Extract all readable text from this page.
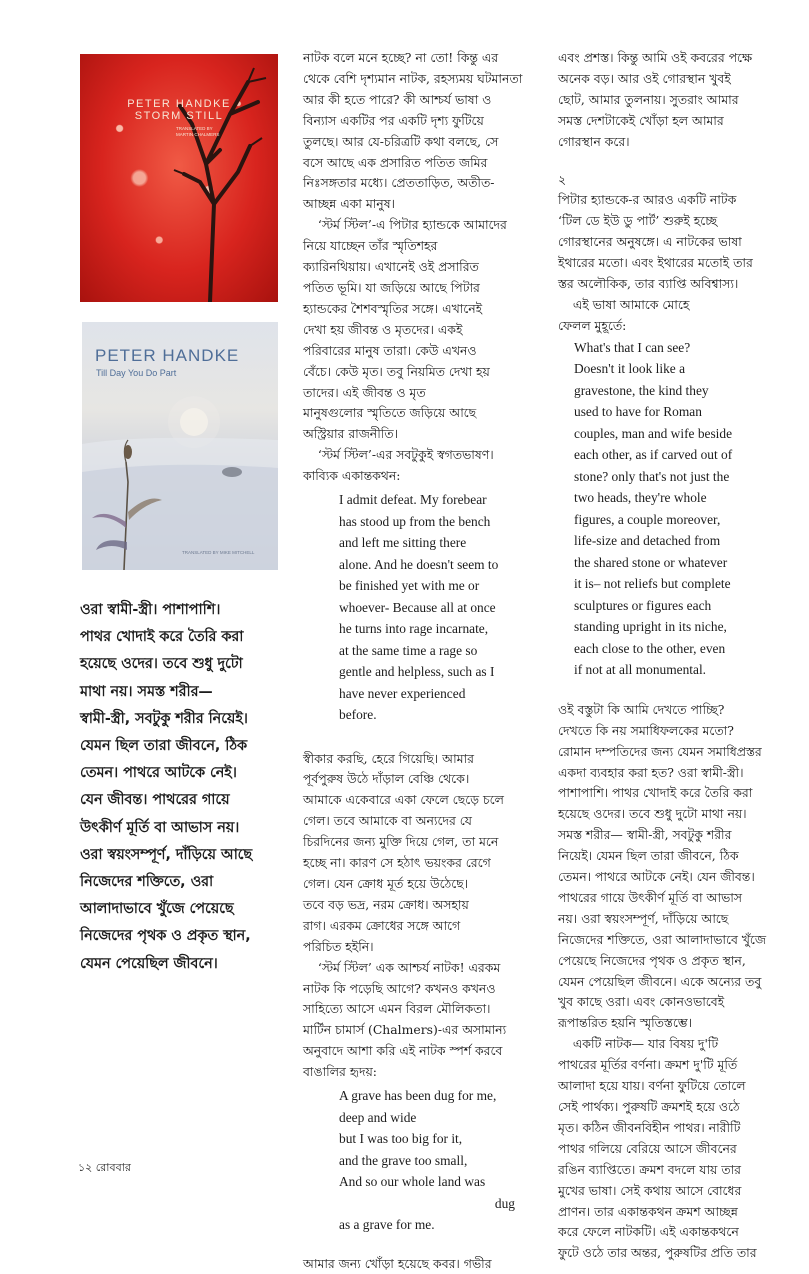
PETER HANDKE
STORM STILL
TRANSLATED BY
MARTIN CHALMERS
PETER HANDKE
Till Day You Do Part
TRANSLATED BY MIKE MITCHELL

ওরা স্বামী-স্ত্রী। পাশাপাশি।
পাথর খোদাই করে তৈরি করা
হয়েছে ওদের। তবে শুধু দুটো
মাথা নয়। সমস্ত শরীর—
স্বামী-স্ত্রী, সবটুকু শরীর নিয়েই।
যেমন ছিল তারা জীবনে, ঠিক
তেমন। পাথরে আটকে নেই।
যেন জীবন্ত। পাথরের গায়ে
উৎকীর্ণ মূর্তি বা আভাস নয়।
ওরা স্বয়ংসম্পূর্ণ, দাঁড়িয়ে আছে
নিজেদের শক্তিতে, ওরা
আলাদাভাবে খুঁজে পেয়েছে
নিজেদের পৃথক ও প্রকৃত স্থান,
যেমন পেয়েছিল জীবনে।

নাটক বলে মনে হচ্ছে? না তো! কিন্তু এর
থেকে বেশি দৃশ্যমান নাটক, রহস্যময় ঘটমানতা
আর কী হতে পারে? কী আশ্চর্য ভাষা ও
বিন্যাস একটির পর একটি দৃশ্য ফুটিয়ে
তুলছে। আর যে-চরিত্রটি কথা বলছে, সে
বসে আছে এক প্রসারিত পতিত জমির
নিঃসঙ্গতার মধ্যে। প্রেততাড়িত, অতীত-
আচ্ছন্ন একা মানুষ।

‘স্টর্ম স্টিল’-এ পিটার হ্যান্ডকে আমাদের
নিয়ে যাচ্ছেন তাঁর স্মৃতিশহর
ক্যারিনথিয়ায়। এখানেই ওই প্রসারিত
পতিত ভূমি। যা জড়িয়ে আছে পিটার
হ্যান্ডকের শৈশবস্মৃতির সঙ্গে। এখানেই
দেখা হয় জীবন্ত ও মৃতদের। একই
পরিবারের মানুষ তারা। কেউ এখনও
বেঁচে। কেউ মৃত। তবু নিয়মিত দেখা হয়
তাদের। এই জীবন্ত ও মৃত
মানুষগুলোর স্মৃতিতে জড়িয়ে আছে
অস্ট্রিয়ার রাজনীতি।

‘স্টর্ম স্টিল’-এর সবটুকুই স্বগতভাষণ।
কাব্যিক একান্তকথন:

I admit defeat. My forebear
has stood up from the bench
and left me sitting there
alone. And he doesn't seem to
be finished yet with me or
whoever- Because all at once
he turns into rage incarnate,
at the same time a rage so
gentle and helpless, such as I
have never experienced
before.

স্বীকার করছি, হেরে গিয়েছি। আমার
পূর্বপুরুষ উঠে দাঁড়াল বেঞ্চি থেকে।
আমাকে একেবারে একা ফেলে ছেড়ে চলে
গেল। তবে আমাকে বা অন্যদের যে
চিরদিনের জন্য মুক্তি দিয়ে গেল, তা মনে
হচ্ছে না। কারণ সে হঠাৎ ভয়ংকর রেগে
গেল। যেন ক্রোধ মূর্ত হয়ে উঠেছে।
তবে বড় ভদ্র, নরম ক্রোধ। অসহায়
রাগ। এরকম ক্রোধের সঙ্গে আগে
পরিচিত হইনি।

‘স্টর্ম স্টিল’ এক আশ্চর্য নাটক! এরকম
নাটক কি পড়েছি আগে? কখনও কখনও
সাহিত্যে আসে এমন বিরল মৌলিকতা।
মার্টিন চামার্স (Chalmers)-এর অসামান্য
অনুবাদে আশা করি এই নাটক স্পর্শ করবে
বাঙালির হৃদয়:

A grave has been dug for me,
deep and wide
but I was too big for it,
and the grave too small,
And so our whole land was

dug

as a grave for me.

আমার জন্য খোঁড়া হয়েছে কবর। গভীর

এবং প্রশস্ত। কিন্তু আমি ওই কবরের পক্ষে
অনেক বড়। আর ওই গোরস্থান খুবই
ছোট, আমার তুলনায়। সুতরাং আমার
সমস্ত দেশটাকেই খোঁড়া হল আমার
গোরস্থান করে।

২

পিটার হ্যান্ডকে-র আরও একটি নাটক
‘টিল ডে ইউ ডু পার্ট’ শুরুই হচ্ছে
গোরস্থানের অনুষঙ্গে। এ নাটকের ভাষা
ইথারের মতো। এবং ইথারের মতোই তার
স্তর অলৌকিক, তার ব্যাপ্তি অবিশ্বাস্য।

এই ভাষা আমাকে মোহে
ফেলল মুহূর্তে:

What's that I can see?
Doesn't it look like a
gravestone, the kind they
used to have for Roman
couples, man and wife beside
each other, as if carved out of
stone? only that's not just the
two heads, they're whole
figures, a couple moreover,
life-size and detached from
the shared stone or whatever
it is– not reliefs but complete
sculptures or figures each
standing upright in its niche,
each close to the other, even
if not at all monumental.

ওই বস্তুটা কি আমি দেখতে পাচ্ছি?
দেখতে কি নয় সমাধিফলকের মতো?
রোমান দম্পতিদের জন্য যেমন সমাধিপ্রস্তর
একদা ব্যবহার করা হত? ওরা স্বামী-স্ত্রী।
পাশাপাশি। পাথর খোদাই করে তৈরি করা
হয়েছে ওদের। তবে শুধু দুটো মাথা নয়।
সমস্ত শরীর— স্বামী-স্ত্রী, সবটুকু শরীর
নিয়েই। যেমন ছিল তারা জীবনে, ঠিক
তেমন। পাথরে আটকে নেই। যেন জীবন্ত।
পাথরের গায়ে উৎকীর্ণ মূর্তি বা আভাস
নয়। ওরা স্বয়ংসম্পূর্ণ, দাঁড়িয়ে আছে
নিজেদের শক্তিতে, ওরা আলাদাভাবে খুঁজে
পেয়েছে নিজেদের পৃথক ও প্রকৃত স্থান,
যেমন পেয়েছিল জীবনে। একে অন্যের তবু
খুব কাছে ওরা। এবং কোনওভাবেই
রূপান্তরিত হয়নি স্মৃতিস্তম্ভে।

একটি নাটক— যার বিষয় দু'টি
পাথরের মূর্তির বর্ণনা। ক্রমশ দু'টি মূর্তি
আলাদা হয়ে যায়। বর্ণনা ফুটিয়ে তোলে
সেই পার্থক্য। পুরুষটি ক্রমশই হয়ে ওঠে
মৃত। কঠিন জীবনবিহীন পাথর। নারীটি
পাথর গলিয়ে বেরিয়ে আসে জীবনের
রঙিন ব্যাপ্তিতে। ক্রমশ বদলে যায় তার
মুখের ভাষা। সেই কথায় আসে বোধের
প্রাণন। তার একান্তকথন ক্রমশ আচ্ছন্ন
করে ফেলে নাটকটি। এই একান্তকথনে
ফুটে ওঠে তার অন্তর, পুরুষটির প্রতি তার

১২ রোববার
